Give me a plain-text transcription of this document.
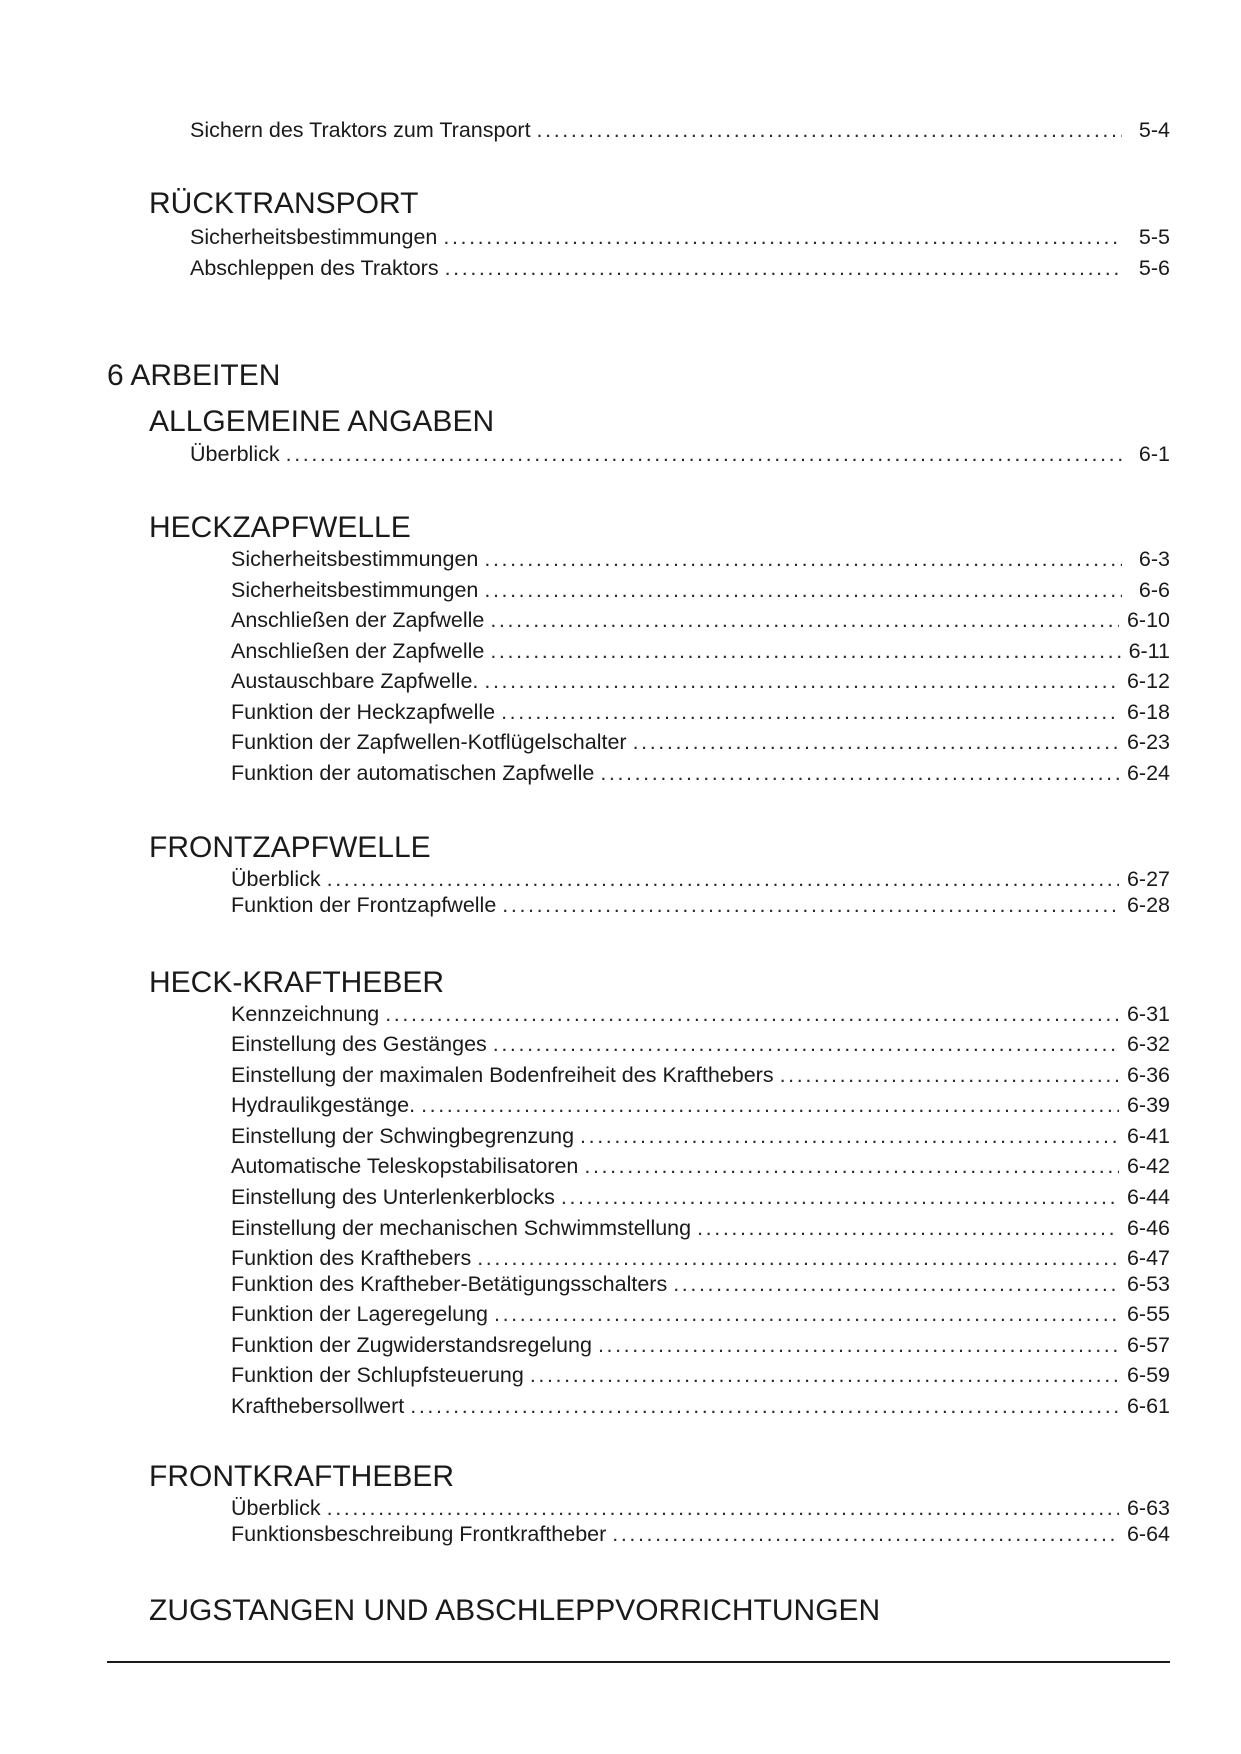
Sichern des Traktors zum Transport .....	5-4
RÜCKTRANSPORT
Sicherheitsbestimmungen .....	5-5
Abschleppen des Traktors .....	5-6
6 ARBEITEN
ALLGEMEINE ANGABEN
Überblick .....	6-1
HECKZAPFWELLE
Sicherheitsbestimmungen .....	6-3
Sicherheitsbestimmungen .....	6-6
Anschließen der Zapfwelle .....	6-10
Anschließen der Zapfwelle .....	6-11
Austauschbare Zapfwelle. .....	6-12
Funktion der Heckzapfwelle .....	6-18
Funktion der Zapfwellen-Kotflügelschalter .....	6-23
Funktion der automatischen Zapfwelle .....	6-24
FRONTZAPFWELLE
Überblick .....	6-27
Funktion der Frontzapfwelle .....	6-28
HECK-KRAFTHEBER
Kennzeichnung .....	6-31
Einstellung des Gestänges .....	6-32
Einstellung der maximalen Bodenfreiheit des Krafthebers .....	6-36
Hydraulikgestänge. .....	6-39
Einstellung der Schwingbegrenzung .....	6-41
Automatische Teleskopstabilisatoren .....	6-42
Einstellung des Unterlenkerblocks .....	6-44
Einstellung der mechanischen Schwimmstellung .....	6-46
Funktion des Krafthebers .....	6-47
Funktion des Kraftheber-Betätigungsschalters .....	6-53
Funktion der Lageregelung .....	6-55
Funktion der Zugwiderstandsregelung .....	6-57
Funktion der Schlupfsteuerung .....	6-59
Krafthebersollwert .....	6-61
FRONTKRAFTHEBER
Überblick .....	6-63
Funktionsbeschreibung Frontkraftheber .....	6-64
ZUGSTANGEN UND ABSCHLEPPVORRICHTUNGEN
